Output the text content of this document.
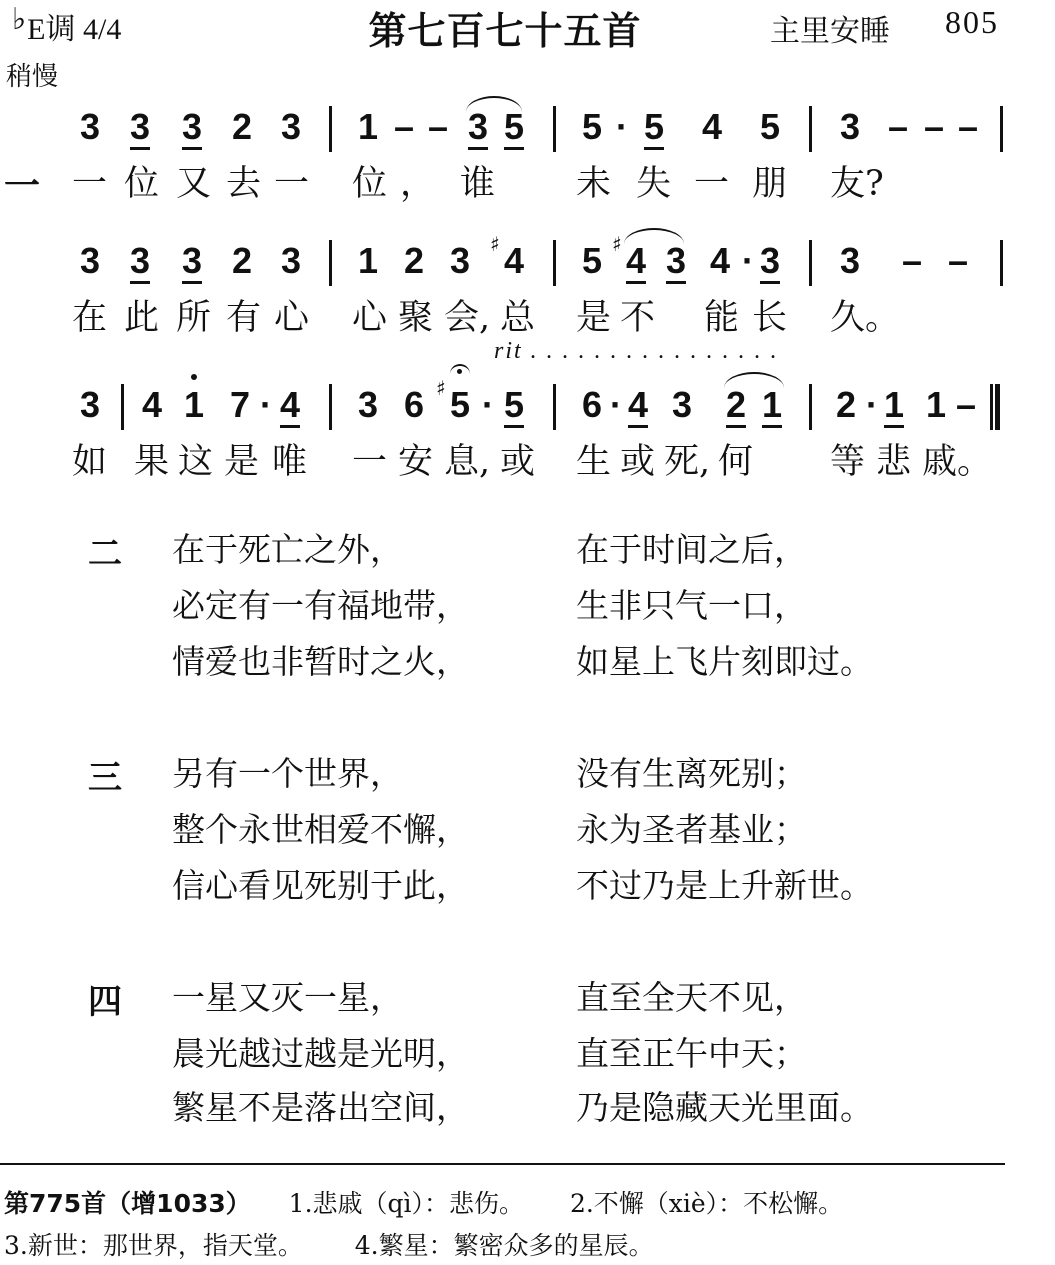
♭E调 4/4	第七百七十五首	主里安睡 805
稍慢
3 3 3 2 3 1 – – 3 5 5 · 5 4 5 3 – – –
一 一 位 又 去 一 位 ， 谁 未 失 一 朋 友?
3 3 3 2 3 1 2 3 ♯ 4 5 ♯ 4 3 4 · 3 3 – –
在 此 所 有 心 心 聚 会, 总 是 不 能 长 久。
rit . . . . . . . . . . . . . . . .
3 4 1 7 · 4 3 6 ♯ 5 · 5 6 · 4 3 2 1 2 · 1 1 –
如 果 这 是 唯 一 安 息, 或 生 或 死, 何 等 悲 戚。
二 在于死亡之外，	在于时间之后，
必定有一有福地带，	生非只气一口，
情爱也非暂时之火，	如星上飞片刻即过。
三 另有一个世界，	没有生离死别；
整个永世相爱不懈，	永为圣者基业；
信心看见死别于此，	不过乃是上升新世。
四 一星又灭一星，	直至全天不见，
晨光越过越是光明，	直至正午中天；
繁星不是落出空间，	乃是隐藏天光里面。
第775首（增1033） 1.悲戚（qì）：悲伤。 2.不懈（xiè）：不松懈。
3.新世：那世界，指天堂。 4.繁星：繁密众多的星辰。
